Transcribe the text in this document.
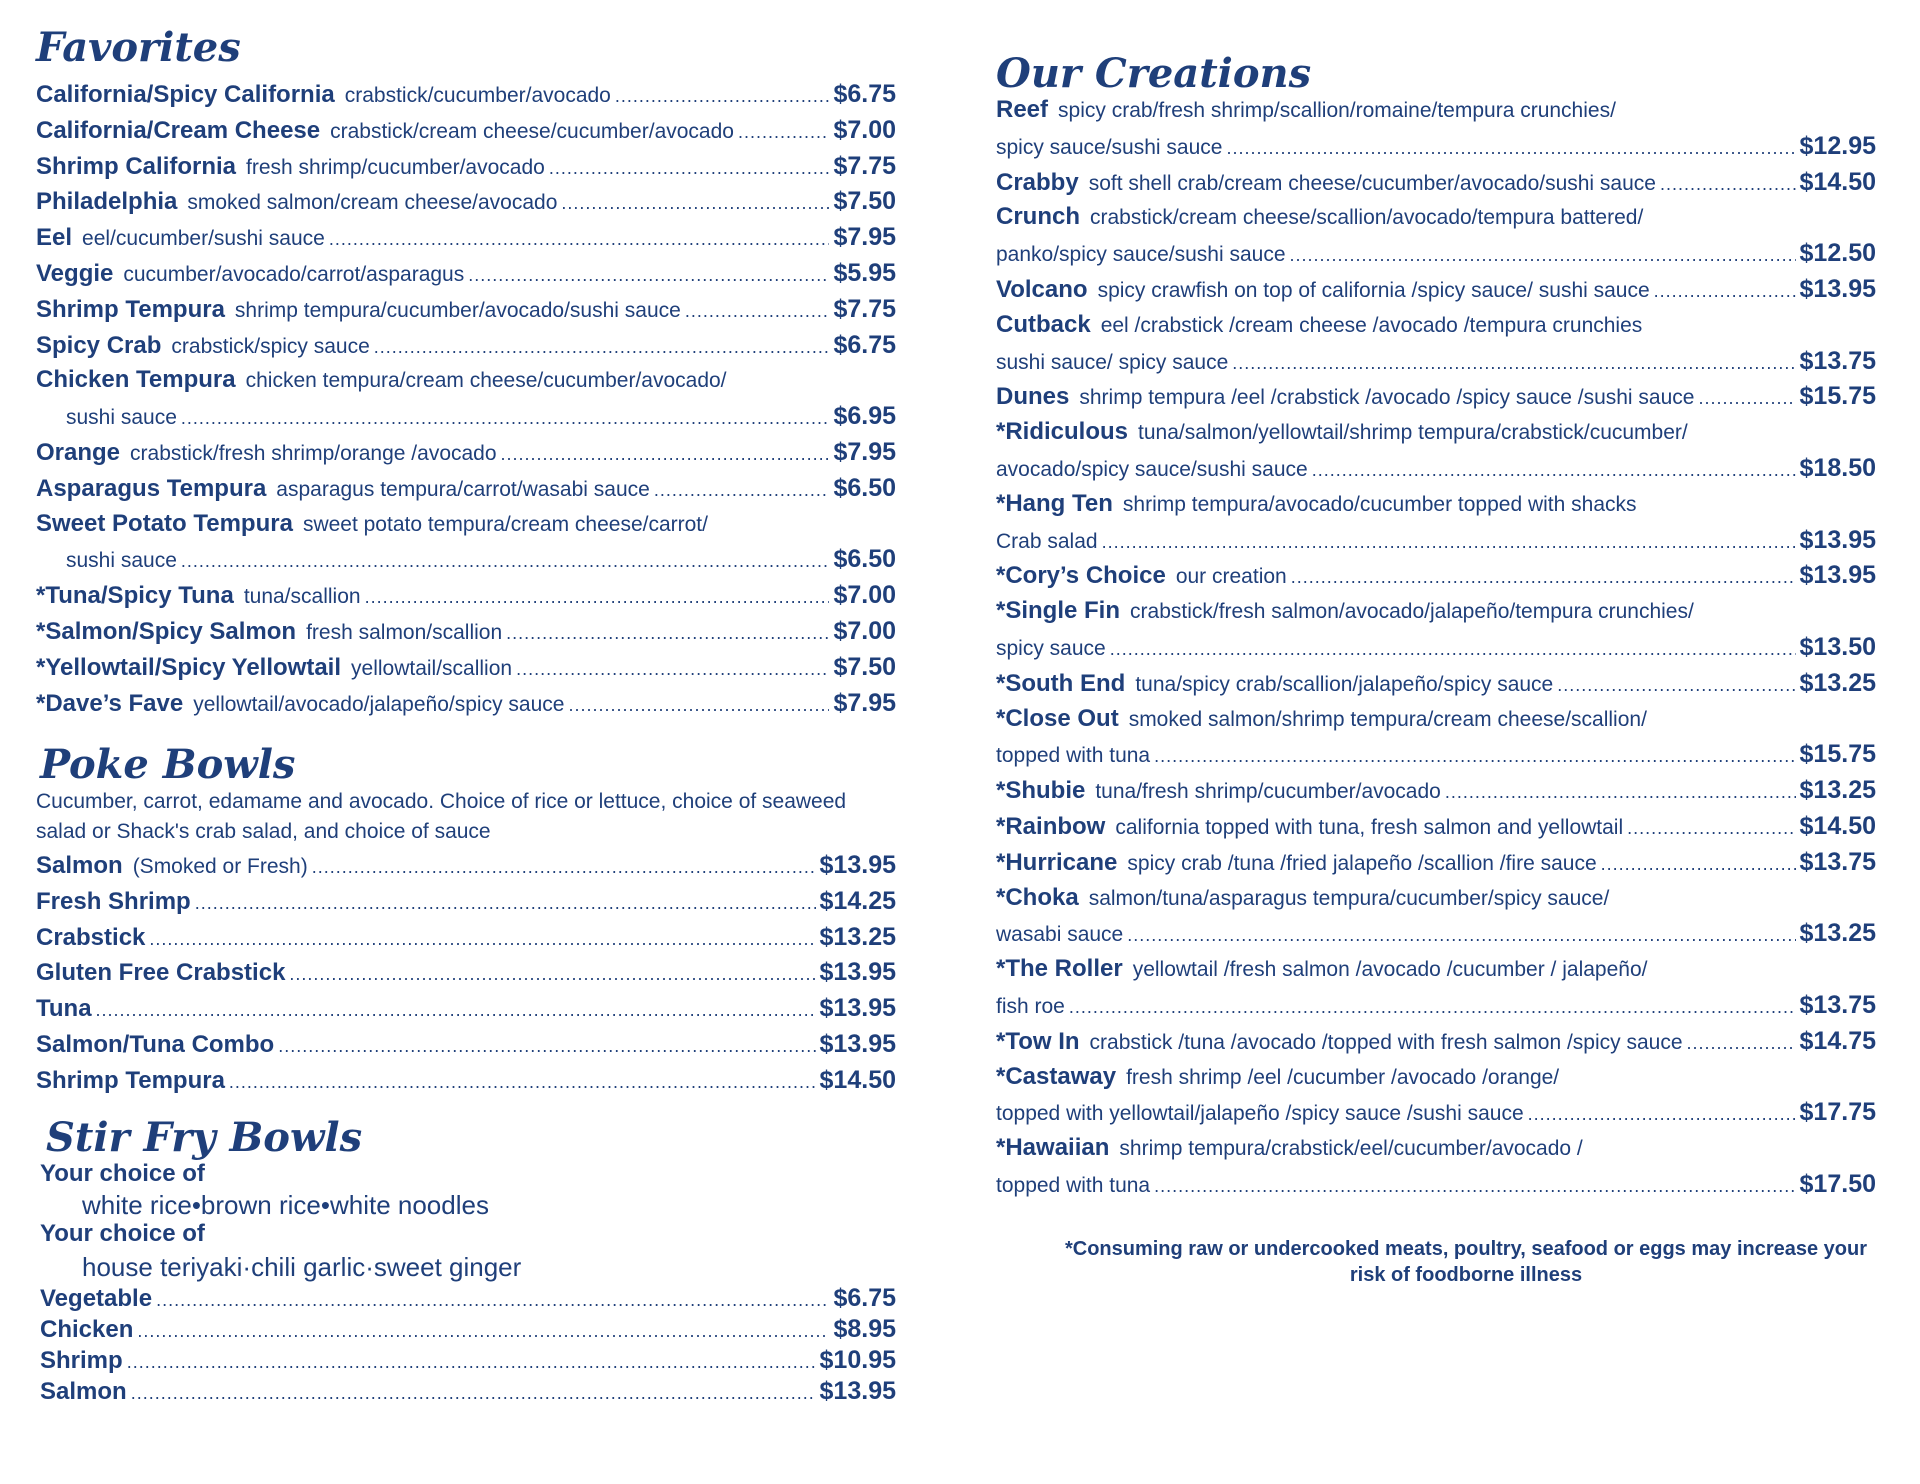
Favorites
California/Spicy California crabstick/cucumber/avocado .....	$6.75
California/Cream Cheese crabstick/cream cheese/cucumber/avocado .....	$7.00
Shrimp California fresh shrimp/cucumber/avocado .....	$7.75
Philadelphia smoked salmon/cream cheese/avocado .....	$7.50
Eel eel/cucumber/sushi sauce .....	$7.95
Veggie cucumber/avocado/carrot/asparagus .....	$5.95
Shrimp Tempura shrimp tempura/cucumber/avocado/sushi sauce .....	$7.75
Spicy Crab crabstick/spicy sauce .....	$6.75
Chicken Tempura chicken tempura/cream cheese/cucumber/avocado/
sushi sauce .....	$6.95
Orange crabstick/fresh shrimp/orange /avocado .....	$7.95
Asparagus Tempura asparagus tempura/carrot/wasabi sauce .....	$6.50
Sweet Potato Tempura sweet potato tempura/cream cheese/carrot/
sushi sauce .....	$6.50
*Tuna/Spicy Tuna tuna/scallion .....	$7.00
*Salmon/Spicy Salmon fresh salmon/scallion .....	$7.00
*Yellowtail/Spicy Yellowtail yellowtail/scallion .....	$7.50
*Dave’s Fave yellowtail/avocado/jalapeño/spicy sauce .....	$7.95
Poke Bowls
Cucumber, carrot, edamame and avocado. Choice of rice or lettuce, choice of seaweed
salad or Shack's crab salad, and choice of sauce
Salmon (Smoked or Fresh) .....	$13.95
Fresh Shrimp .....	$14.25
Crabstick .....	$13.25
Gluten Free Crabstick .....	$13.95
Tuna .....	$13.95
Salmon/Tuna Combo .....	$13.95
Shrimp Tempura .....	$14.50
Stir Fry Bowls
Your choice of
white rice•brown rice•white noodles
Your choice of
house teriyaki·chili garlic·sweet ginger
Vegetable .....	$6.75
Chicken .....	$8.95
Shrimp .....	$10.95
Salmon .....	$13.95
Our Creations
Reef spicy crab/fresh shrimp/scallion/romaine/tempura crunchies/
spicy sauce/sushi sauce .....	$12.95
Crabby soft shell crab/cream cheese/cucumber/avocado/sushi sauce .....	$14.50
Crunch crabstick/cream cheese/scallion/avocado/tempura battered/
panko/spicy sauce/sushi sauce .....	$12.50
Volcano spicy crawfish on top of california /spicy sauce/ sushi sauce .....	$13.95
Cutback eel /crabstick /cream cheese /avocado /tempura crunchies
sushi sauce/ spicy sauce .....	$13.75
Dunes shrimp tempura /eel /crabstick /avocado /spicy sauce /sushi sauce .....	$15.75
*Ridiculous tuna/salmon/yellowtail/shrimp tempura/crabstick/cucumber/
avocado/spicy sauce/sushi sauce .....	$18.50
*Hang Ten shrimp tempura/avocado/cucumber topped with shacks
Crab salad .....	$13.95
*Cory’s Choice our creation .....	$13.95
*Single Fin crabstick/fresh salmon/avocado/jalapeño/tempura crunchies/
spicy sauce .....	$13.50
*South End tuna/spicy crab/scallion/jalapeño/spicy sauce .....	$13.25
*Close Out smoked salmon/shrimp tempura/cream cheese/scallion/
topped with tuna .....	$15.75
*Shubie tuna/fresh shrimp/cucumber/avocado .....	$13.25
*Rainbow california topped with tuna, fresh salmon and yellowtail .....	$14.50
*Hurricane spicy crab /tuna /fried jalapeño /scallion /fire sauce .....	$13.75
*Choka salmon/tuna/asparagus tempura/cucumber/spicy sauce/
wasabi sauce .....	$13.25
*The Roller yellowtail /fresh salmon /avocado /cucumber / jalapeño/
fish roe .....	$13.75
*Tow In crabstick /tuna /avocado /topped with fresh salmon /spicy sauce .....	$14.75
*Castaway fresh shrimp /eel /cucumber /avocado /orange/
topped with yellowtail/jalapeño /spicy sauce /sushi sauce .....	$17.75
*Hawaiian shrimp tempura/crabstick/eel/cucumber/avocado /
topped with tuna .....	$17.50
*Consuming raw or undercooked meats, poultry, seafood or eggs may increase your
risk of foodborne illness
